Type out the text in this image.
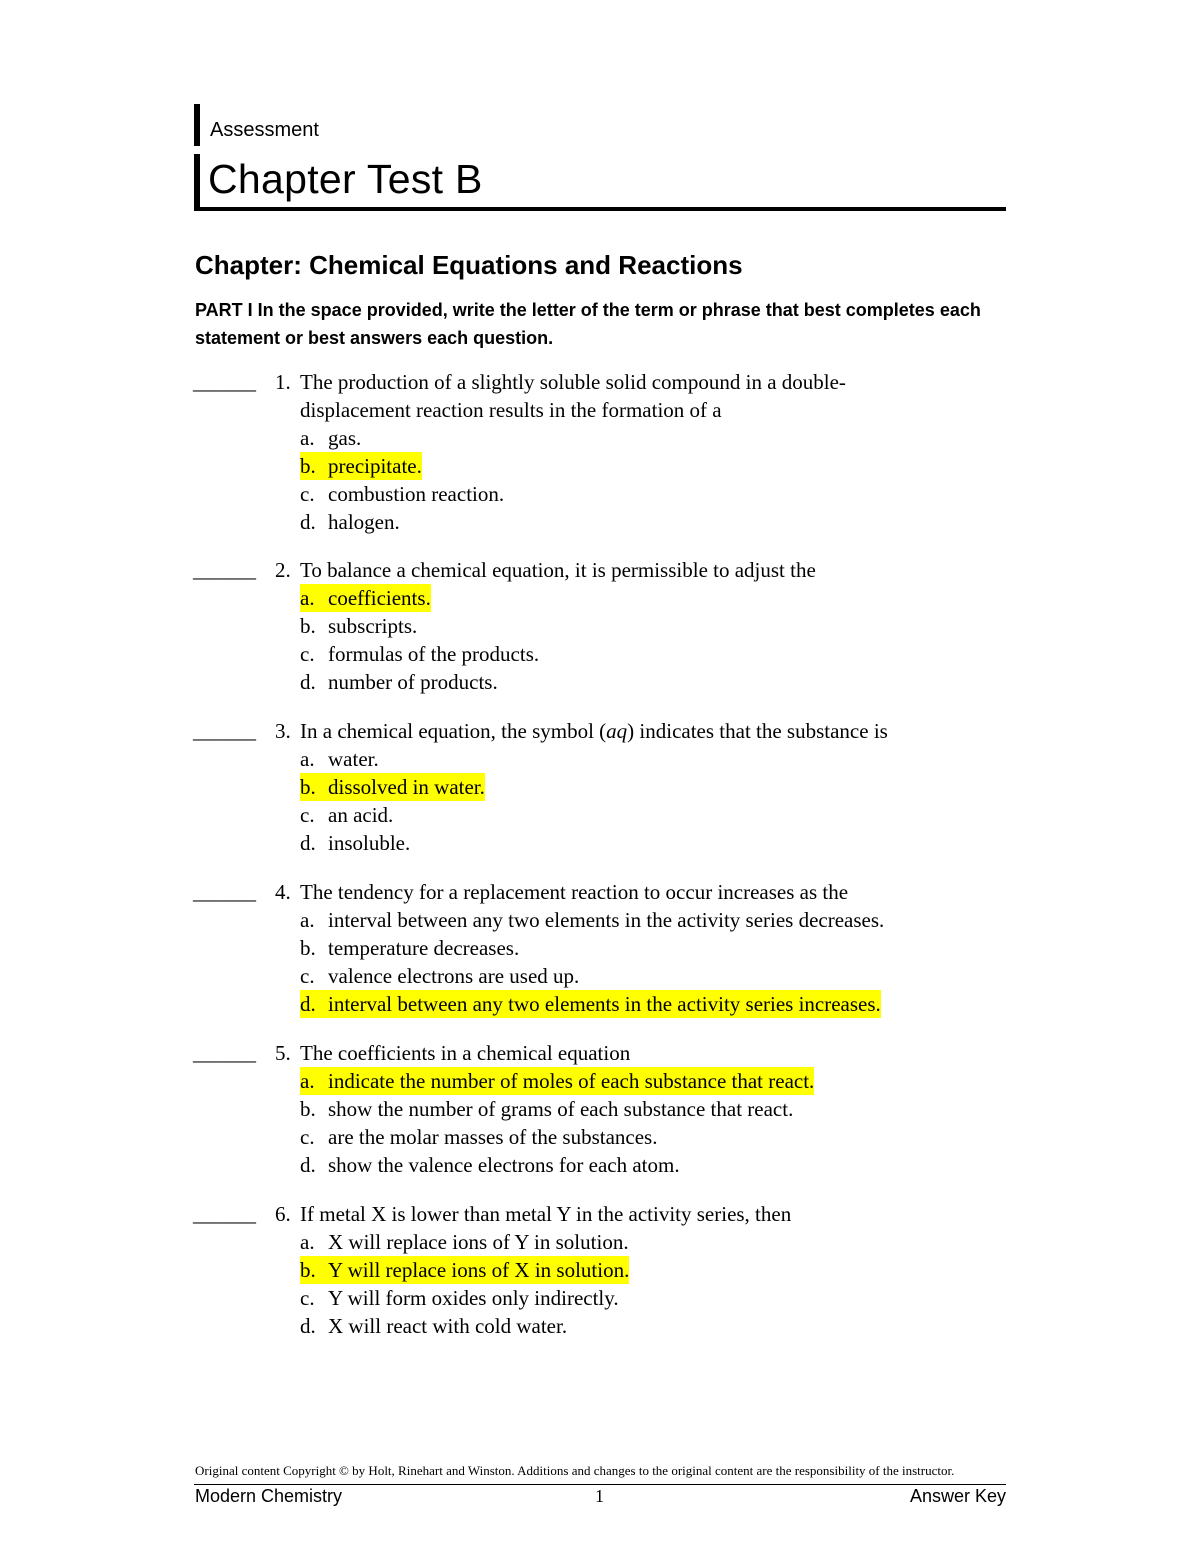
Assessment
Chapter Test B
Chapter: Chemical Equations and Reactions
PART I In the space provided, write the letter of the term or phrase that best completes each statement or best answers each question.
______ 1. The production of a slightly soluble solid compound in a double-
displacement reaction results in the formation of a
a. gas.
b. precipitate.
c. combustion reaction.
d. halogen.
______ 2. To balance a chemical equation, it is permissible to adjust the
a. coefficients.
b. subscripts.
c. formulas of the products.
d. number of products.
______ 3. In a chemical equation, the symbol (aq) indicates that the substance is
a. water.
b. dissolved in water.
c. an acid.
d. insoluble.
______ 4. The tendency for a replacement reaction to occur increases as the
a. interval between any two elements in the activity series decreases.
b. temperature decreases.
c. valence electrons are used up.
d. interval between any two elements in the activity series increases.
______ 5. The coefficients in a chemical equation
a. indicate the number of moles of each substance that react.
b. show the number of grams of each substance that react.
c. are the molar masses of the substances.
d. show the valence electrons for each atom.
______ 6. If metal X is lower than metal Y in the activity series, then
a. X will replace ions of Y in solution.
b. Y will replace ions of X in solution.
c. Y will form oxides only indirectly.
d. X will react with cold water.
Original content Copyright © by Holt, Rinehart and Winston. Additions and changes to the original content are the responsibility of the instructor.
Modern Chemistry	1	Answer Key
